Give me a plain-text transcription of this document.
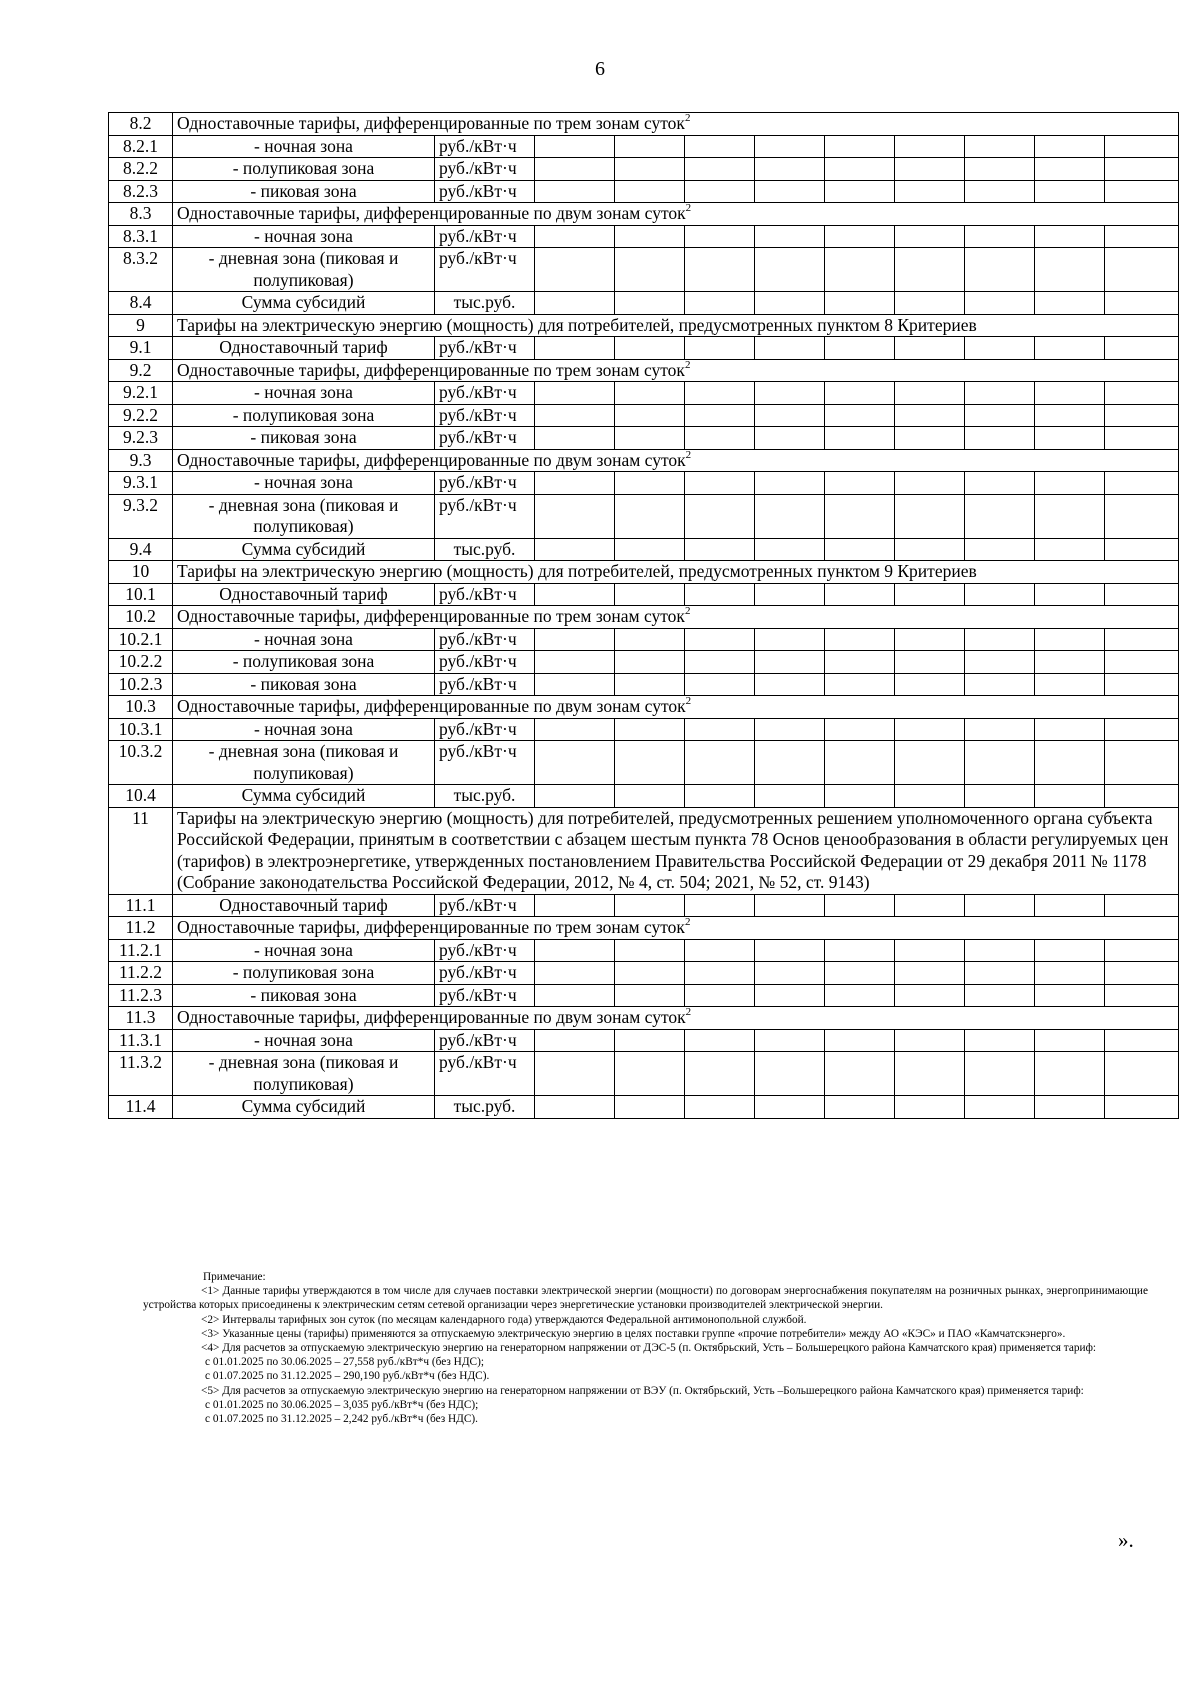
6
8.2	Одноставочные тарифы, дифференцированные по трем зонам суток$^2$
8.2.1	- ночная зона	руб./кВт·ч									
8.2.2	- полупиковая зона	руб./кВт·ч									
8.2.3	- пиковая зона	руб./кВт·ч									
8.3	Одноставочные тарифы, дифференцированные по двум зонам суток$^2$
8.3.1	- ночная зона	руб./кВт·ч									
8.3.2	- дневная зона (пиковая и полупиковая)	руб./кВт·ч									
8.4	Сумма субсидий	тыс.руб.									
9	Тарифы на электрическую энергию (мощность) для потребителей, предусмотренных пунктом 8 Критериев										
9.1	Одноставочный тариф	руб./кВт·ч									
9.2	Одноставочные тарифы, дифференцированные по трем зонам суток$^2$
9.2.1	- ночная зона	руб./кВт·ч									
9.2.2	- полупиковая зона	руб./кВт·ч									
9.2.3	- пиковая зона	руб./кВт·ч									
9.3	Одноставочные тарифы, дифференцированные по двум зонам суток$^2$
9.3.1	- ночная зона	руб./кВт·ч									
9.3.2	- дневная зона (пиковая и полупиковая)	руб./кВт·ч									
9.4	Сумма субсидий	тыс.руб.									
10	Тарифы на электрическую энергию (мощность) для потребителей, предусмотренных пунктом 9 Критериев										
10.1	Одноставочный тариф	руб./кВт·ч									
10.2	Одноставочные тарифы, дифференцированные по трем зонам суток$^2$
10.2.1	- ночная зона	руб./кВт·ч									
10.2.2	- полупиковая зона	руб./кВт·ч									
10.2.3	- пиковая зона	руб./кВт·ч									
10.3	Одноставочные тарифы, дифференцированные по двум зонам суток$^2$
10.3.1	- ночная зона	руб./кВт·ч									
10.3.2	- дневная зона (пиковая и полупиковая)	руб./кВт·ч									
10.4	Сумма субсидий	тыс.руб.									
11	Тарифы на электрическую энергию (мощность) для потребителей, предусмотренных решением уполномоченного органа субъекта Российской Федерации, принятым в соответствии с абзацем шестым пункта 78 Основ ценообразования в области регулируемых цен (тарифов) в электроэнергетике, утвержденных постановлением Правительства Российской Федерации от 29 декабря 2011 № 1178 (Собрание законодательства Российской Федерации, 2012, № 4, ст. 504; 2021, № 52, ст. 9143)										
11.1	Одноставочный тариф	руб./кВт·ч									
11.2	Одноставочные тарифы, дифференцированные по трем зонам суток$^2$
11.2.1	- ночная зона	руб./кВт·ч									
11.2.2	- полупиковая зона	руб./кВт·ч									
11.2.3	- пиковая зона	руб./кВт·ч									
11.3	Одноставочные тарифы, дифференцированные по двум зонам суток$^2$
11.3.1	- ночная зона	руб./кВт·ч									
11.3.2	- дневная зона (пиковая и полупиковая)	руб./кВт·ч									
11.4	Сумма субсидий	тыс.руб.									

Примечание:

<1> Данные тарифы утверждаются в том числе для случаев поставки электрической энергии (мощности) по договорам энергоснабжения покупателям на розничных рынках, энергопринимающие устройства которых присоединены к электрическим сетям сетевой организации через энергетические установки производителей электрической энергии.

<2> Интервалы тарифных зон суток (по месяцам календарного года) утверждаются Федеральной антимонопольной службой.

<3> Указанные цены (тарифы) применяются за отпускаемую электрическую энергию в целях поставки группе «прочие потребители» между АО «КЭС» и ПАО «Камчатскэнерго».

<4> Для расчетов за отпускаемую электрическую энергию на генераторном напряжении от ДЭС-5 (п. Октябрьский, Усть – Большерецкого района Камчатского края) применяется тариф:

с 01.01.2025 по 30.06.2025 – 27,558 руб./кВт*ч (без НДС);

с 01.07.2025 по 31.12.2025 – 290,190 руб./кВт*ч (без НДС).

<5> Для расчетов за отпускаемую электрическую энергию на генераторном напряжении от ВЭУ (п. Октябрьский, Усть –Большерецкого района Камчатского края) применяется тариф:

с 01.01.2025 по 30.06.2025 – 3,035 руб./кВт*ч (без НДС);

с 01.07.2025 по 31.12.2025 – 2,242 руб./кВт*ч (без НДС).

».
